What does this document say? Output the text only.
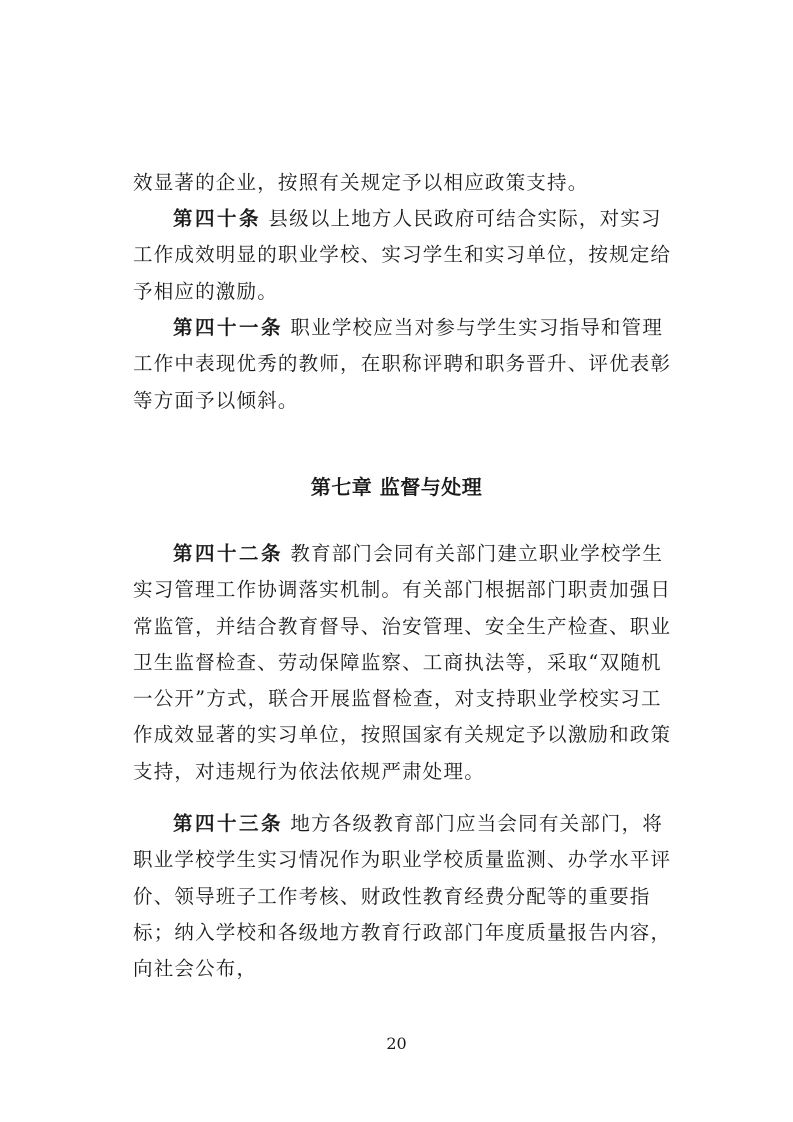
效显著的企业，按照有关规定予以相应政策支持。

第四十条 县级以上地方人民政府可结合实际，对实习工作成效明显的职业学校、实习学生和实习单位，按规定给予相应的激励。

第四十一条 职业学校应当对参与学生实习指导和管理工作中表现优秀的教师，在职称评聘和职务晋升、评优表彰等方面予以倾斜。

第七章 监督与处理

第四十二条 教育部门会同有关部门建立职业学校学生实习管理工作协调落实机制。有关部门根据部门职责加强日常监管，并结合教育督导、治安管理、安全生产检查、职业卫生监督检查、劳动保障监察、工商执法等，采取“双随机一公开”方式，联合开展监督检查，对支持职业学校实习工作成效显著的实习单位，按照国家有关规定予以激励和政策支持，对违规行为依法依规严肃处理。

第四十三条 地方各级教育部门应当会同有关部门，将职业学校学生实习情况作为职业学校质量监测、办学水平评价、领导班子工作考核、财政性教育经费分配等的重要指标；纳入学校和各级地方教育行政部门年度质量报告内容，向社会公布，

20
